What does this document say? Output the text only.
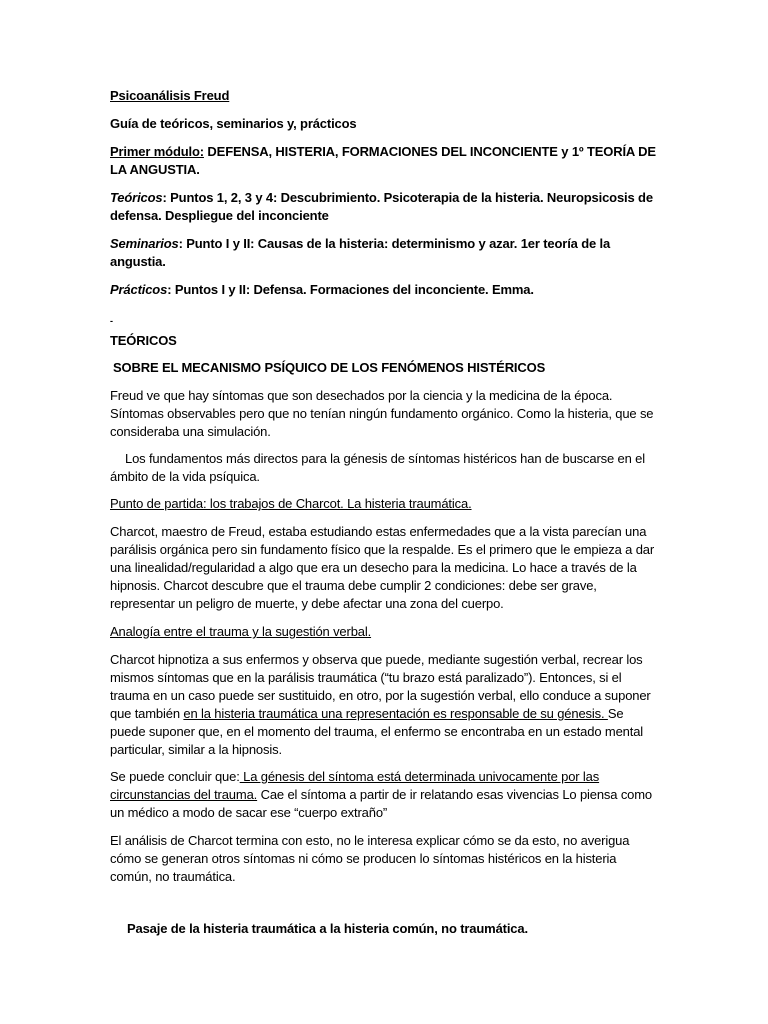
Psicoanálisis Freud

Guía de teóricos, seminarios y, prácticos

Primer módulo: DEFENSA, HISTERIA, FORMACIONES DEL INCONCIENTE y 1º TEORÍA DE LA ANGUSTIA.

Teóricos: Puntos 1, 2, 3 y 4: Descubrimiento. Psicoterapia de la histeria. Neuropsicosis de defensa. Despliegue del inconciente

Seminarios: Punto I y II: Causas de la histeria: determinismo y azar. 1er teoría de la angustia.

Prácticos: Puntos I y II: Defensa. Formaciones del inconciente. Emma.

-

TEÓRICOS

SOBRE EL MECANISMO PSÍQUICO DE LOS FENÓMENOS HISTÉRICOS

Freud ve que hay síntomas que son desechados por la ciencia y la medicina de la época. Síntomas observables pero que no tenían ningún fundamento orgánico. Como la histeria, que se consideraba una simulación.

Los fundamentos más directos para la génesis de síntomas histéricos han de buscarse en el ámbito de la vida psíquica.

Punto de partida: los trabajos de Charcot. La histeria traumática.

Charcot, maestro de Freud, estaba estudiando estas enfermedades que a la vista parecían una parálisis orgánica pero sin fundamento físico que la respalde. Es el primero que le empieza a dar una linealidad/regularidad a algo que era un desecho para la medicina. Lo hace a través de la hipnosis. Charcot descubre que el trauma debe cumplir 2 condiciones: debe ser grave, representar un peligro de muerte, y debe afectar una zona del cuerpo.

Analogía entre el trauma y la sugestión verbal.

Charcot hipnotiza a sus enfermos y observa que puede, mediante sugestión verbal, recrear los mismos síntomas que en la parálisis traumática (“tu brazo está paralizado”). Entonces, si el trauma en un caso puede ser sustituido, en otro, por la sugestión verbal, ello conduce a suponer que también en la histeria traumática una representación es responsable de su génesis. Se puede suponer que, en el momento del trauma, el enfermo se encontraba en un estado mental particular, similar a la hipnosis.

Se puede concluir que: La génesis del síntoma está determinada univocamente por las circunstancias del trauma. Cae el síntoma a partir de ir relatando esas vivencias Lo piensa como un médico a modo de sacar ese “cuerpo extraño”

El análisis de Charcot termina con esto, no le interesa explicar cómo se da esto, no averigua cómo se generan otros síntomas ni cómo se producen lo síntomas histéricos en la histeria común, no traumática.

Pasaje de la histeria traumática a la histeria común, no traumática.
